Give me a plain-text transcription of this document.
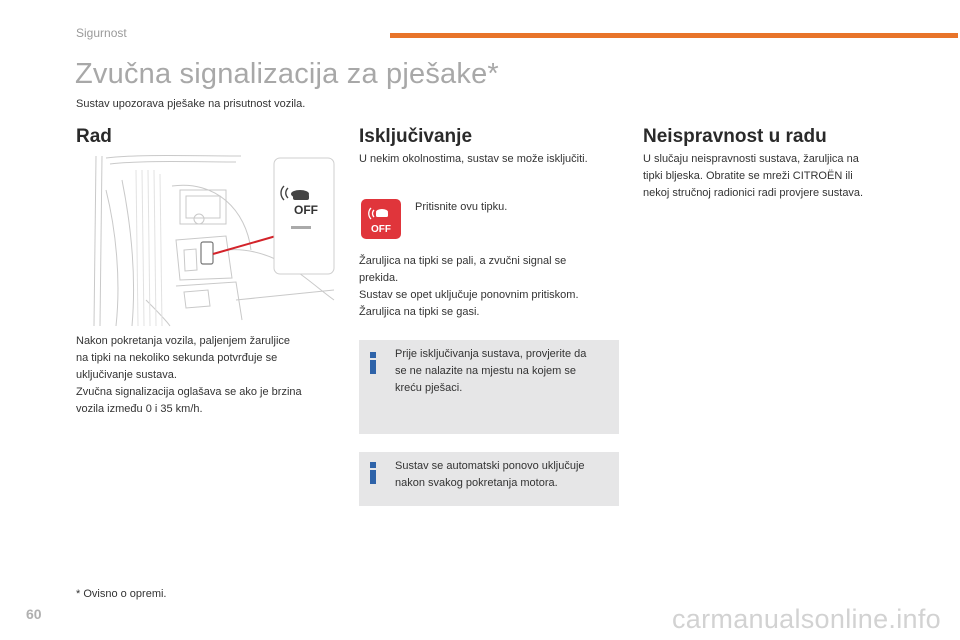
Sigurnost
Zvučna signalizacija za pješake*
Sustav upozorava pješake na prisutnost vozila.
Rad
OFF
Nakon pokretanja vozila, paljenjem žaruljice
na tipki na nekoliko sekunda potvrđuje se
uključivanje sustava.
Zvučna signalizacija oglašava se ako je brzina
vozila između 0 i 35 km/h.
Isključivanje
U nekim okolnostima, sustav se može isključiti.
OFF
Pritisnite ovu tipku.
Žaruljica na tipki se pali, a zvučni signal se
prekida.
Sustav se opet uključuje ponovnim pritiskom.
Žaruljica na tipki se gasi.
Prije isključivanja sustava, provjerite da
se ne nalazite na mjestu na kojem se
kreću pješaci.
Sustav se automatski ponovo uključuje
nakon svakog pokretanja motora.
Neispravnost u radu
U slučaju neispravnosti sustava, žaruljica na
tipki bljeska. Obratite se mreži CITROËN ili
nekoj stručnoj radionici radi provjere sustava.
* Ovisno o opremi.
60	carmanualsonline.info
